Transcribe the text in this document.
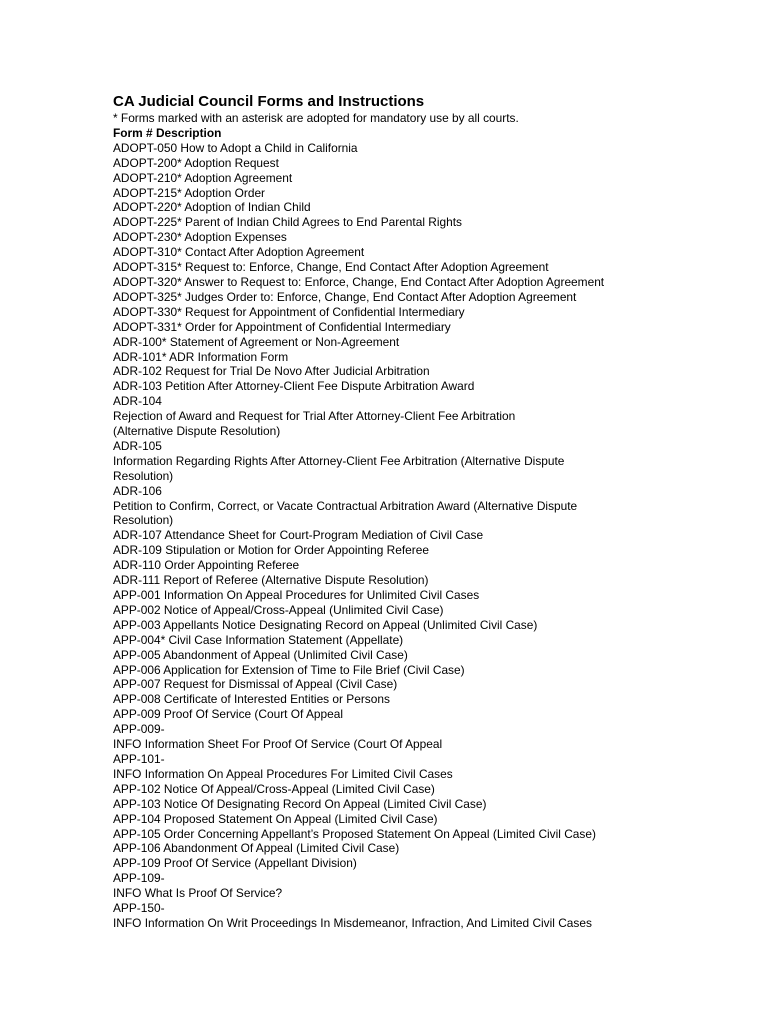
CA Judicial Council Forms and Instructions

* Forms marked with an asterisk are adopted for mandatory use by all courts.

Form # Description

ADOPT-050 How to Adopt a Child in California
ADOPT-200* Adoption Request
ADOPT-210* Adoption Agreement
ADOPT-215* Adoption Order
ADOPT-220* Adoption of Indian Child
ADOPT-225* Parent of Indian Child Agrees to End Parental Rights
ADOPT-230* Adoption Expenses
ADOPT-310* Contact After Adoption Agreement
ADOPT-315* Request to: Enforce, Change, End Contact After Adoption Agreement
ADOPT-320* Answer to Request to: Enforce, Change, End Contact After Adoption Agreement
ADOPT-325* Judges Order to: Enforce, Change, End Contact After Adoption Agreement
ADOPT-330* Request for Appointment of Confidential Intermediary
ADOPT-331* Order for Appointment of Confidential Intermediary
ADR-100* Statement of Agreement or Non-Agreement
ADR-101* ADR Information Form
ADR-102 Request for Trial De Novo After Judicial Arbitration
ADR-103 Petition After Attorney-Client Fee Dispute Arbitration Award
ADR-104
Rejection of Award and Request for Trial After Attorney-Client Fee Arbitration
(Alternative Dispute Resolution)
ADR-105
Information Regarding Rights After Attorney-Client Fee Arbitration (Alternative Dispute
Resolution)
ADR-106
Petition to Confirm, Correct, or Vacate Contractual Arbitration Award (Alternative Dispute
Resolution)
ADR-107 Attendance Sheet for Court-Program Mediation of Civil Case
ADR-109 Stipulation or Motion for Order Appointing Referee
ADR-110 Order Appointing Referee
ADR-111 Report of Referee (Alternative Dispute Resolution)
APP-001 Information On Appeal Procedures for Unlimited Civil Cases
APP-002 Notice of Appeal/Cross-Appeal (Unlimited Civil Case)
APP-003 Appellants Notice Designating Record on Appeal (Unlimited Civil Case)
APP-004* Civil Case Information Statement (Appellate)
APP-005 Abandonment of Appeal (Unlimited Civil Case)
APP-006 Application for Extension of Time to File Brief (Civil Case)
APP-007 Request for Dismissal of Appeal (Civil Case)
APP-008 Certificate of Interested Entities or Persons
APP-009 Proof Of Service (Court Of Appeal
APP-009-
INFO Information Sheet For Proof Of Service (Court Of Appeal
APP-101-
INFO Information On Appeal Procedures For Limited Civil Cases
APP-102 Notice Of Appeal/Cross-Appeal (Limited Civil Case)
APP-103 Notice Of Designating Record On Appeal (Limited Civil Case)
APP-104 Proposed Statement On Appeal (Limited Civil Case)
APP-105 Order Concerning Appellant’s Proposed Statement On Appeal (Limited Civil Case)
APP-106 Abandonment Of Appeal (Limited Civil Case)
APP-109 Proof Of Service (Appellant Division)
APP-109-
INFO What Is Proof Of Service?
APP-150-
INFO Information On Writ Proceedings In Misdemeanor, Infraction, And Limited Civil Cases
